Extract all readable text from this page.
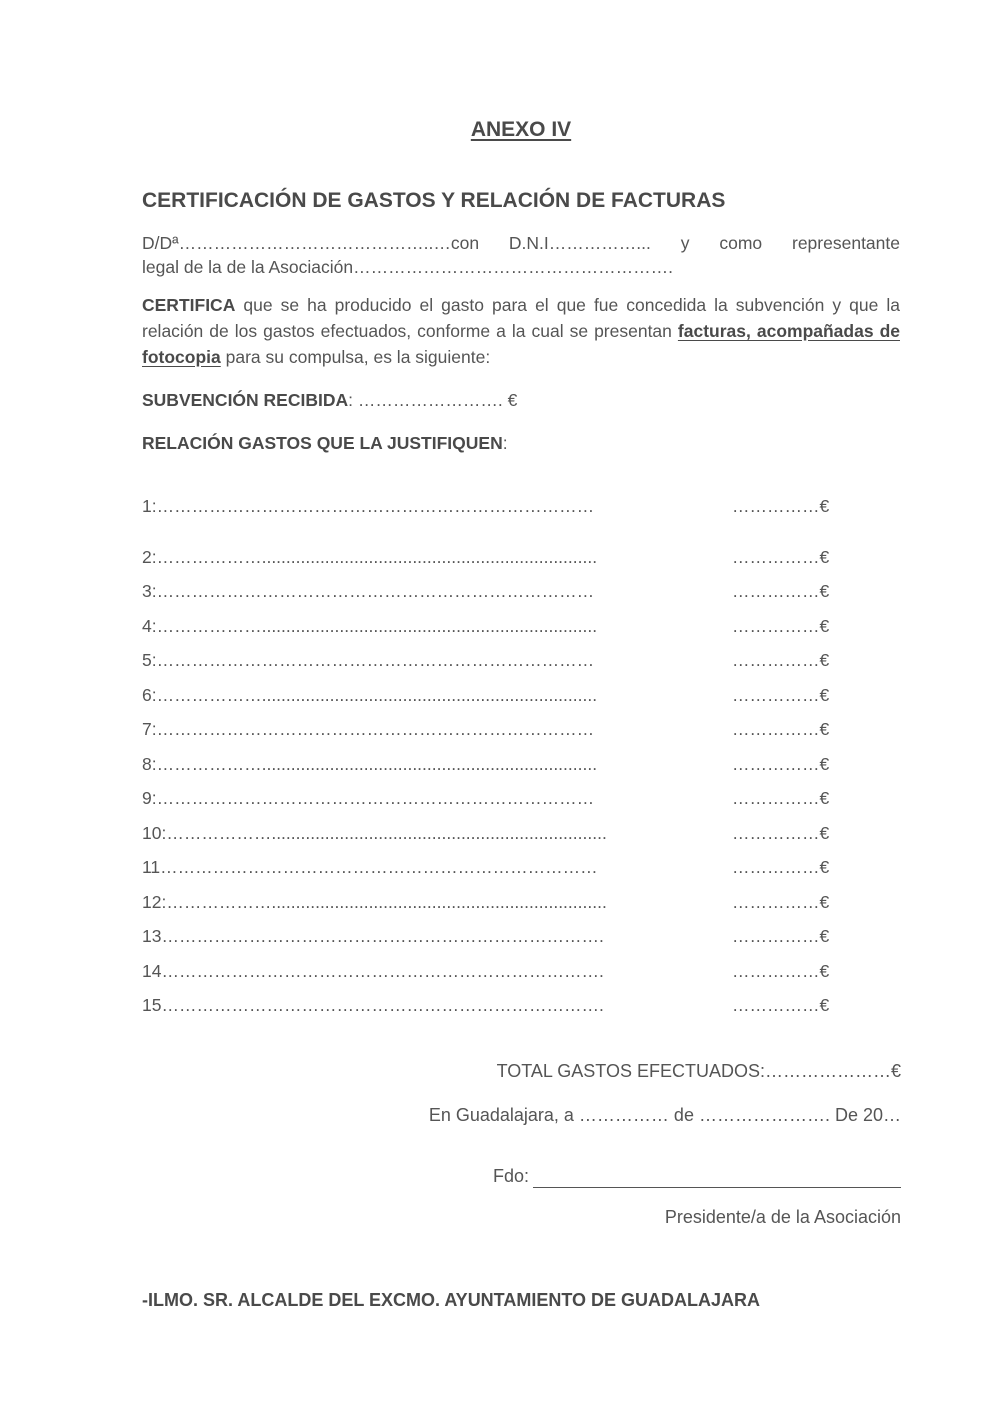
ANEXO IV
CERTIFICACIÓN DE GASTOS Y RELACIÓN DE FACTURAS
D/Dª……………………………………..…con D.N.I……………... y como representante
legal de la de la Asociación……………………………………………….
CERTIFICA que se ha producido el gasto para el que fue concedida la subvención y que la relación de los gastos efectuados, conforme a la cual se presentan facturas, acompañadas de fotocopia para su compulsa, es la siguiente:
SUBVENCIÓN RECIBIDA: ……………………. €
RELACIÓN GASTOS QUE LA JUSTIFIQUEN:
1:…………………………………………………………………	……………€
2:……………….....................................................................	……………€
3:…………………………………………………………………	……………€
4:……………….....................................................................	……………€
5:…………………………………………………………………	……………€
6:……………….....................................................................	……………€
7:…………………………………………………………………	……………€
8:……………….....................................................................	……………€
9:…………………………………………………………………	……………€
10:……………….....................................................................	……………€
11…………………………………………………………………	……………€
12:……………….....................................................................	……………€
13………………………………………………………………….	……………€
14………………………………………………………………….	……………€
15………………………………………………………………….	……………€
TOTAL GASTOS EFECTUADOS:…………………€
En Guadalajara, a …………… de …………………. De 20…
Fdo:
Presidente/a de la Asociación
-ILMO. SR. ALCALDE DEL EXCMO. AYUNTAMIENTO DE GUADALAJARA
